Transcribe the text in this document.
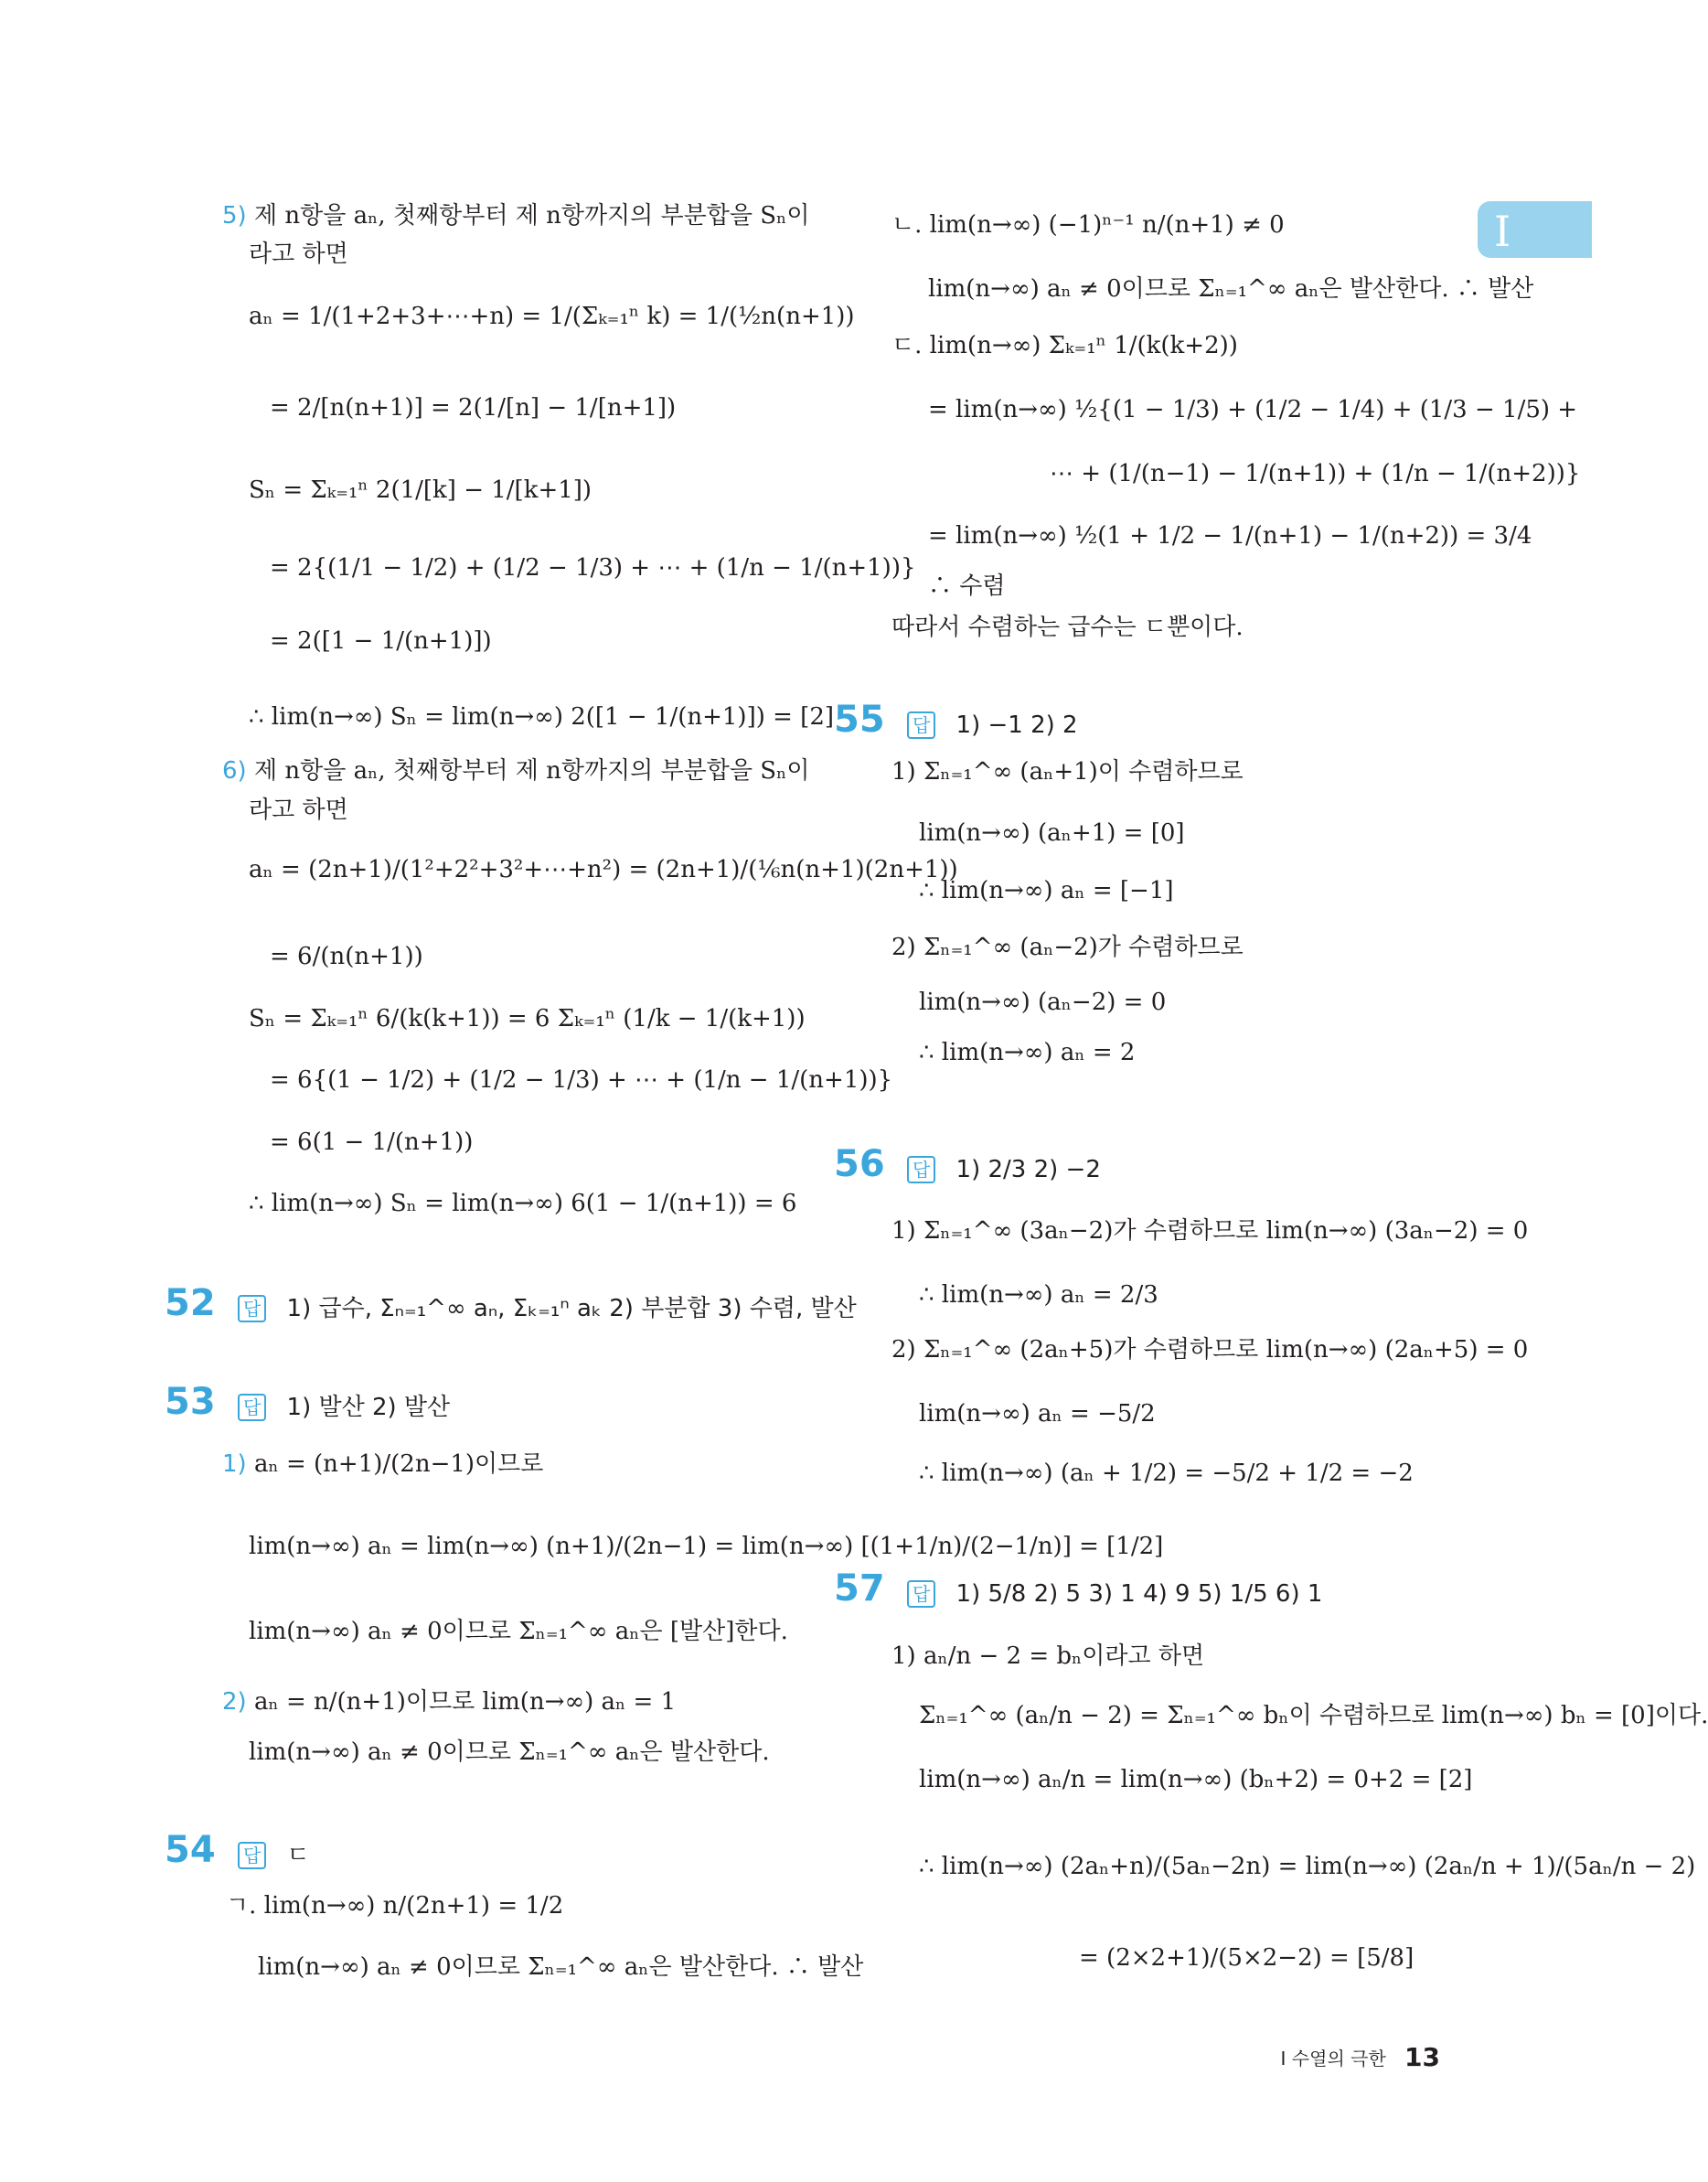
I
5) 제 n항을 aₙ, 첫째항부터 제 n항까지의 부분합을 Sₙ이
라고 하면
aₙ = 1/(1+2+3+⋯+n) = 1/(Σₖ₌₁ⁿ k) = 1/(½n(n+1))
= 2/[n(n+1)] = 2(1/[n] − 1/[n+1])
Sₙ = Σₖ₌₁ⁿ 2(1/[k] − 1/[k+1])
= 2{(1/1 − 1/2) + (1/2 − 1/3) + ⋯ + (1/n − 1/(n+1))}
= 2([1 − 1/(n+1)])
∴ lim(n→∞) Sₙ = lim(n→∞) 2([1 − 1/(n+1)]) = [2]
6) 제 n항을 aₙ, 첫째항부터 제 n항까지의 부분합을 Sₙ이
라고 하면
aₙ = (2n+1)/(1²+2²+3²+⋯+n²) = (2n+1)/(⅙n(n+1)(2n+1))
= 6/(n(n+1))
Sₙ = Σₖ₌₁ⁿ 6/(k(k+1)) = 6 Σₖ₌₁ⁿ (1/k − 1/(k+1))
= 6{(1 − 1/2) + (1/2 − 1/3) + ⋯ + (1/n − 1/(n+1))}
= 6(1 − 1/(n+1))
∴ lim(n→∞) Sₙ = lim(n→∞) 6(1 − 1/(n+1)) = 6
52 답 1) 급수, Σₙ₌₁^∞ aₙ, Σₖ₌₁ⁿ aₖ 2) 부분합 3) 수렴, 발산
53 답 1) 발산 2) 발산
1) aₙ = (n+1)/(2n−1)이므로
lim(n→∞) aₙ = lim(n→∞) (n+1)/(2n−1) = lim(n→∞) [(1+1/n)/(2−1/n)] = [1/2]
lim(n→∞) aₙ ≠ 0이므로 Σₙ₌₁^∞ aₙ은 [발산]한다.
2) aₙ = n/(n+1)이므로 lim(n→∞) aₙ = 1
lim(n→∞) aₙ ≠ 0이므로 Σₙ₌₁^∞ aₙ은 발산한다.
54 답 ㄷ
ㄱ. lim(n→∞) n/(2n+1) = 1/2
lim(n→∞) aₙ ≠ 0이므로 Σₙ₌₁^∞ aₙ은 발산한다. ∴ 발산
ㄴ. lim(n→∞) (−1)ⁿ⁻¹ n/(n+1) ≠ 0
lim(n→∞) aₙ ≠ 0이므로 Σₙ₌₁^∞ aₙ은 발산한다. ∴ 발산
ㄷ. lim(n→∞) Σₖ₌₁ⁿ 1/(k(k+2))
= lim(n→∞) ½{(1 − 1/3) + (1/2 − 1/4) + (1/3 − 1/5) +
⋯ + (1/(n−1) − 1/(n+1)) + (1/n − 1/(n+2))}
= lim(n→∞) ½(1 + 1/2 − 1/(n+1) − 1/(n+2)) = 3/4
∴ 수렴
따라서 수렴하는 급수는 ㄷ뿐이다.
55 답 1) −1 2) 2
1) Σₙ₌₁^∞ (aₙ+1)이 수렴하므로
lim(n→∞) (aₙ+1) = [0]
∴ lim(n→∞) aₙ = [−1]
2) Σₙ₌₁^∞ (aₙ−2)가 수렴하므로
lim(n→∞) (aₙ−2) = 0
∴ lim(n→∞) aₙ = 2
56 답 1) 2/3 2) −2
1) Σₙ₌₁^∞ (3aₙ−2)가 수렴하므로 lim(n→∞) (3aₙ−2) = 0
∴ lim(n→∞) aₙ = 2/3
2) Σₙ₌₁^∞ (2aₙ+5)가 수렴하므로 lim(n→∞) (2aₙ+5) = 0
lim(n→∞) aₙ = −5/2
∴ lim(n→∞) (aₙ + 1/2) = −5/2 + 1/2 = −2
57 답 1) 5/8 2) 5 3) 1 4) 9 5) 1/5 6) 1
1) aₙ/n − 2 = bₙ이라고 하면
Σₙ₌₁^∞ (aₙ/n − 2) = Σₙ₌₁^∞ bₙ이 수렴하므로 lim(n→∞) bₙ = [0]이다.
lim(n→∞) aₙ/n = lim(n→∞) (bₙ+2) = 0+2 = [2]
∴ lim(n→∞) (2aₙ+n)/(5aₙ−2n) = lim(n→∞) (2aₙ/n + 1)/(5aₙ/n − 2)
= (2×2+1)/(5×2−2) = [5/8]
I 수열의 극한 13
